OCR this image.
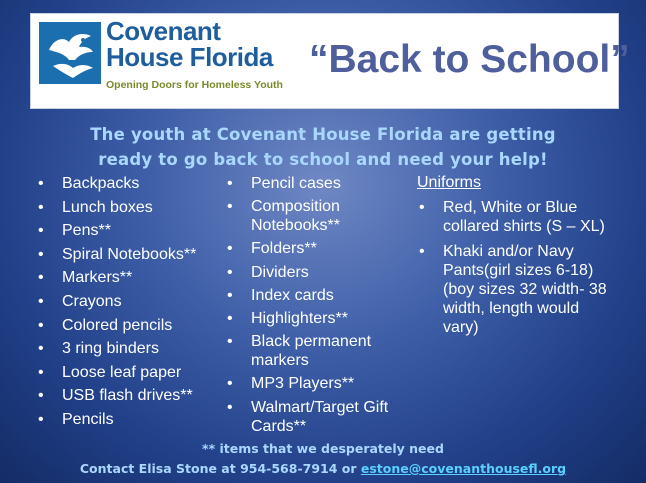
Covenant
House Florida
Opening Doors for Homeless Youth
“Back to School”
The youth at Covenant House Florida are getting ready to go back to school and need your help!
• Backpacks
• Lunch boxes
• Pens**
• Spiral Notebooks**
• Markers**
• Crayons
• Colored pencils
• 3 ring binders
• Loose leaf paper
• USB flash drives**
• Pencils
• Pencil cases
• Composition Notebooks**
• Folders**
• Dividers
• Index cards
• Highlighters**
• Black permanent markers
• MP3 Players**
• Walmart/Target Gift Cards**
Uniforms
• Red, White or Blue collared shirts (S – XL)
• Khaki and/or Navy Pants(girl sizes 6-18) (boy sizes 32 width- 38 width, length would vary)
** items that we desperately need
Contact Elisa Stone at 954-568-7914 or estone@covenanthousefl.org
